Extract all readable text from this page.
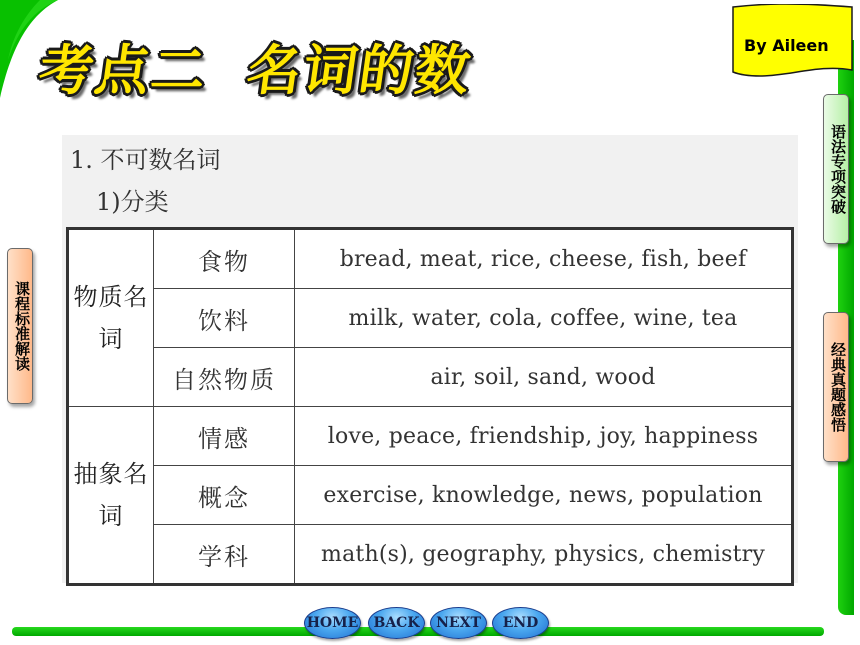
考点二 名词的数	By Aileen
课程标准解读
语法专项突破
经典真题感悟

1. 不可数名词

1)分类

物质名词	食物	bread, meat, rice, cheese, fish, beef
	饮料	milk, water, cola, coffee, wine, tea
	自然物质	air, soil, sand, wood
抽象名词	情感	love, peace, friendship, joy, happiness
	概念	exercise, knowledge, news, population
	学科	math(s), geography, physics, chemistry
HOME	BACK	NEXT	END
